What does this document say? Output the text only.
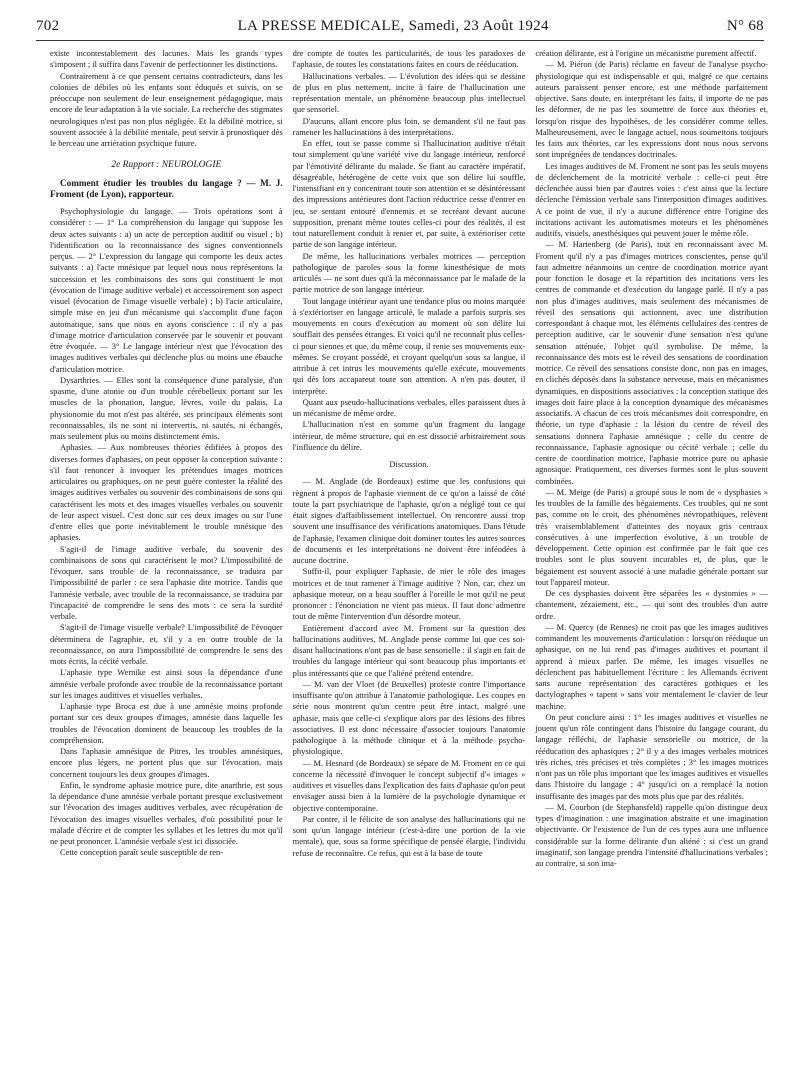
702	LA PRESSE MEDICALE, Samedi, 23 Août 1924	N° 68

existe incontestablement des lacunes. Mais les grands types s'imposent ; il suffira dans l'avenir de perfectionner les distinctions.

Contrairement à ce que pensent certains contradicteurs, dans les colonies de débiles où les enfants sont éduqués et suivis, on se préoccupe non seulement de leur enseignement pédagogique, mais encore de leur adaptation à la vie sociale. La recherche des stigmates neurologiques n'est pas non plus négligée. Et la débilité motrice, si souvent associée à la débilité mentale, peut servir à pronostiquer dès le berceau une arriération psychique future.

2e Rapport : NEUROLOGIE

Comment étudier les troubles du langage ? — M. J. Froment (de Lyon), rapporteur.

Psychophysiologie du langage. — Trois opérations sont à considérer : — 1° La compréhension du langage qui suppose les deux actes suivants : a) un acte de perception auditif ou visuel ; b) l'identification ou la reconnaissance des signes conventionnels perçus. — 2° L'expression du langage qui comporte les deux actes suivants : a) l'acte mnésique par lequel nous nous représentons la succession et les combinaisons des sons qui constituent le mot (évocation de l'image auditive verbale) et accessoirement son aspect visuel (évocation de l'image visuelle verbale) ; b) l'acte articulaire, simple mise en jeu d'un mécanisme qui s'accomplit d'une façon automatique, sans que nous en ayons conscience : il n'y a pas d'image motrice d'articulation conservée par le souvenir et pouvant être évoquée. — 3° Le langage intérieur n'est que l'évocation des images auditives verbales qui déclenche plus ou moins une ébauche d'articulation motrice.

Dysarthries. — Elles sont la conséquence d'une paralysie, d'un spasme, d'une atonie ou d'un trouble cérébelleux portant sur les muscles de la phonation, langue, lèvres, voile du palais, La physionomie du mot n'est pas altérée, ses principaux éléments sont reconnaissables, ils ne sont ni intervertis, ni sautés, ni échangés, mais seulement plus ou moins distinctement émis.

Aphasies. — Aux nombreuses théories édifiées à propos des diverses formes d'aphasies, on peut opposer la conception suivante : s'il faut renoncer à invoquer les prétendues images motrices articulaires ou graphiques, on ne peut guère contester la réalité des images auditives verbales ou souvenir des combinaisons de sons qui caractérisent les mots et des images visuelles verbales ou souvenir de leur aspect visuel. C'est donc sur ces deux images ou sur l'une d'entre elles que porte inévitablement le trouble mnésique des aphasies.

S'agit-il de l'image auditive verbale, du souvenir des combinaisons de sons qui caractérisent le mot? L'impossibilité de l'évoquer, sans trouble de la reconnaissance, se traduira par l'impossibilité de parler : ce sera l'aphasie dite motrice. Tandis que l'amnésie verbale, avec trouble de la reconnaissance, se traduira par l'incapacité de comprendre le sens des mots : ce sera la surdité verbale.

S'agit-il de l'image visuelle verbale? L'impossibilité de l'évoquer déterminera de l'agraphie, et, s'il y a en outre trouble de la reconnaissance, on aura l'impossibilité de comprendre le sens des mots écrits, la cécité verbale.

L'aphasie type Wernike est ainsi sous la dépendance d'une amnésie verbale profonde avec trouble de la reconnaissance portant sur les images auditives et visuelles verbales.

L'aphasie type Broca est due à une amnésie moins profonde portant sur ces deux groupes d'images, amnésie dans laquelle les troubles de l'évocation dominent de beaucoup les troubles de la compréhension.

Dans l'aphasie amnésique de Pitres, les troubles amnésiques, encore plus légers, ne portent plus que sur l'évocation, mais concernent toujours les deux groupes d'images.

Enfin, le syndrome aphasie motrice pure, dite anarthrie, est sous la dépendance d'une amnésie verbale portant presque exclusivement sur l'évocation des images auditives verbales, avec récupération de l'évocation des images visuelles verbales, d'où possibilité pour le malade d'écrire et de compter les syllabes et les lettres du mot qu'il ne peut prononcer. L'amnésie verbale s'est ici dissociée.

Cette conception paraît seule susceptible de ren-

dre compte de toutes les particularités, de tous les paradoxes de l'aphasie, de toutes les constatations faites en cours de rééducation.

Hallucinations verbales. — L'évolution des idées qui se dessine de plus en plus nettement, incite à faire de l'hallucination une représentation mentale, un phénomène beaucoup plus intellectuel que sensoriel.

D'aucuns, allant encore plus loin, se demandent s'il ne faut pas ramener les hallucinations à des interprétations.

En effet, tout se passe comme si l'hallucination auditive n'était tout simplement qu'une variété vive du langage intérieur, renforcé par l'émotivité délirante du malade. Se fiant au caractère impératif, désagréable, hétérogène de cette voix que son délire lui souffle, l'intensifiant en y concentrant toute son attention et se désintéressant des impressions antérieures dont l'action réductrice cesse d'entrer en jeu, se sentant entouré d'ennemis et se recréant devant aucune supposition, prenant même toutes celles-ci pour des réalités, il est tout naturellement conduit à renier et, par suite, à extérioriser cette partie de son langage intérieur.

De même, les hallucinations verbales motrices — perception pathologique de paroles sous la forme kinesthésique de mots articulés — ne sont dues qu'à la méconnaissance par le malade de la partie motrice de son langage intérieur.

Tout langage intérieur ayant une tendance plus ou moins marquée à s'extérioriser en langage articulé, le malade a parfois surpris ses mouvements en cours d'exécution au moment où son délire lui soufflait des pensées étranges. Et voici qu'il ne reconnaît plus celles-ci pour siennes et que, du même coup, il renie ses mouvements eux-mêmes. Se croyant possédé, et croyant quelqu'un sous sa langue, il attribue à cet intrus les mouvements qu'elle exécute, mouvements qui dès lors accapareut toute son attention. A n'en pas douter, il interprète.

Quant aux pseudo-hallucinations verbales, elles paraissent dues à un mécanisme de même ordre.

L'hallucination n'est en somme qu'un fragment du langage intérieur, de même structure, qui en est dissocié arbitrairement sous l'influence du délire.

Discussion.

— M. Anglade (de Bordeaux) estime que les confusions qui règnent à propos de l'aphasie viennent de ce qu'on a laissé de côté toute la part psychiatrique de l'aphasie, qu'on a négligé tout ce qui était signes d'affaiblissement intellectuel. On rencontre aussi trop souvent une insuffisance des vérifications anatomiques. Dans l'étude de l'aphasie, l'examen clinique doit dominer toutes les autres sources de documents et les interprétations ne doivent être inféodées à aucune doctrine.

Suffit-il, pour expliquer l'aphasie, de nier le rôle des images motrices et de tout ramener à l'image auditive ? Non, car, chez un aphasique moteur, on a beau souffler à l'oreille le mot qu'il ne peut prononcer : l'énonciation ne vient pas mieux. Il faut donc admettre tout de même l'intervention d'un désordre moteur.

Entièrement d'accord avec M. Froment sur la question des hallucinations auditives, M. Anglade pense comme lui que ces soi-disant hallucinations n'ont pas de base sensorielle : il s'agit en fait de troubles du langage intérieur qui sont beaucoup plus importants et plus intéressants que ce que l'aliéné prétend entendre.

— M. van der Vloet (de Bruxelles) proteste contre l'importance insuffisante qu'on attribue à l'anatomie pathologique. Les coupes en série nous montrent qu'un centre peut être intact, malgré une aphasie, mais que celle-ci s'explique alors par des lésions des fibres associatives. Il est donc nécessaire d'associer toujours l'anatomie pathologique à la méthode clinique et à la méthode psycho-physiologique.

— M. Hesnard (de Bordeaux) se sépare de M. Froment en ce qui concerne la nécessité d'invoquer le concept subjectif d'« images » auditives et visuelles dans l'explication des faits d'aphasie qu'on peut envisager aussi bien à la lumière de la psychologie dynamique et objective contemporaine.

Par contre, il le félicite de son analyse des hallucinations qui ne sont qu'un langage intérieur (c'est-à-dire une portion de la vie mentale), que, sous sa forme spécifique de pensée élargie, l'individu refuse de reconnaître. Ce refus, qui est à la base de toute

création délirante, est à l'origine un mécanisme purement affectif.

— M. Piéron (de Paris) réclame en faveur de l'analyse psycho-physiologique qui est indispensable et qui, malgré ce que certains auteurs paraissent penser encore, est une méthode parfaitement objective. Sans doute, en interprétant les faits, il importe de ne pas les déformer, de ne pas les soumettre de force aux théories et, lorsqu'on risque des hypothèses, de les considérer comme telles. Malheureusement, avec le langage actuel, nous soumettons toujours les faits aux théories, car les expressions dont nous nous servons sont imprégnées de tendances doctrinales.

Les images auditives de M. Froment ne sont pas les seuls moyens de déclenchement de la motricité verbale : celle-ci peut être déclenchée aussi bien par d'autres voies : c'est ainsi que la lecture déclenche l'émission verbale sans l'interposition d'images auditives. A ce point de vue, il n'y a aucune différence entre l'origine des incitations activant les automatismes moteurs et les phénomènes auditifs, visuels, anesthésiques qui peuvent jouer le même rôle.

— M. Hartenberg (de Paris), tout en reconnaissant avec M. Froment qu'il n'y a pas d'images motrices conscientes, pense qu'il faut admettre néanmoins un centre de coordination motrice ayant pour fonction le dosage et la répartition des incitations vers les centres de commande et d'exécution du langage parlé. Il n'y a pas non plus d'images auditives, mais seulement des mécanismes de réveil des sensations qui actionnent, avec une distribution correspondant à chaque mot, les éléments cellulaires des centres de perception auditive, car le souvenir d'une sensation n'est qu'une sensation atténuée, l'objet qu'il symbolise. De même, la reconnaissance des mots est le réveil des sensations de coordination motrice. Ce réveil des sensations consiste donc, non pas en images, en clichés déposés dans la substance nerveuse, mais en mécanismes dynamiques, en dispositions associatives : la conception statique des images doit faire place à la conception dynamique des mécanismes associatifs. A chacun de ces trois mécanismes doit correspondre, en théorie, un type d'aphasie : la lésion du centre de réveil des sensations donnera l'aphasie amnésique ; celle du centre de reconnaissance, l'aphasie agnosique ou cécité verbale ; celle du centre de coordination motrice, l'aphasie motrice pure ou aphasie agnosique. Pratiquement, ces diverses formes sont le plus souvent combinées.

— M. Meige (de Paris) a groupé sous le nom de « dysphasies » les troubles de la famille des bégaiements. Ces troubles, qui ne sont pas, comme on le croit, des phénomènes névropathiques, relèvent très vraisemblablement d'atteintes des noyaux gris centraux consécutives à une imperfection évolutive, à un trouble de développement. Cette opinion est confirmée par le fait que ces troubles sont le plus souvent incurables et, de plus, que le bégaiement est souvent associé à une maladie générale portant sur tout l'appareil moteur.

De ces dysphasies doivent être séparées les « dystomies » — chantement, zézaiement, etc., — qui sont des troubles d'un autre ordre.

— M. Quercy (de Rennes) ne croit pas que les images auditives commandent les mouvements d'articulation : lorsqu'on rééduque un aphasique, on ne lui rend pas d'images auditives et pourtant il apprend à mieux parler. De même, les images visuelles ne déclenchent pas habituellement l'écriture : les Allemands écrivent sans aucune représentation des caractères gothiques et les dactylographes « tapent » sans voir mentalement le clavier de leur machine.

On peut conclure ainsi : 1° les images auditives et visuelles ne jouent qu'un rôle contingent dans l'histoire du langage courant, du langage réfléchi, de l'aphasie sensorielle ou motrice, de la rééducation des aphasiques ; 2° il y a des images verbales motrices très riches, très précises et très complètes ; 3° les images motrices n'ont pas un rôle plus important que les images auditives et visuelles dans l'histoire du langage ; 4° jusqu'ici on a remplacé la notion insuffisante des images par des mots plus que par des réalités.

— M. Courbon (de Stephansfeld) rappelle qu'on distingue deux types d'imagination : une imagination abstraite et une imagination objectivante. Or l'existence de l'un de ces types aura une influence considérable sur la forme délirante d'un aliéné : si c'est un grand imaginatif, son langage prendra l'intensité d'hallucinations verbales ; au contraire, si son ima-
